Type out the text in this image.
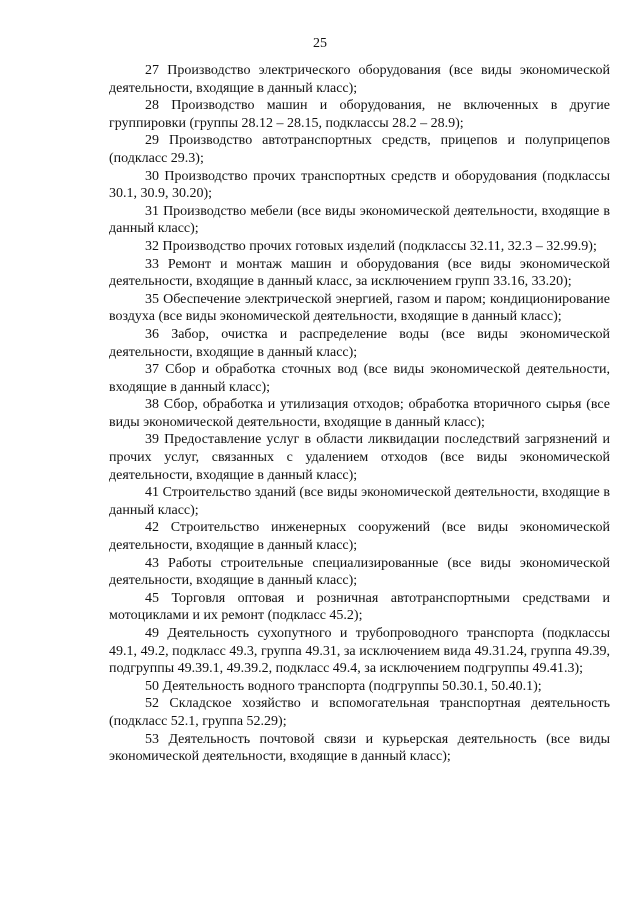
25

27 Производство электрического оборудования (все виды экономической деятельности, входящие в данный класс);

28 Производство машин и оборудования, не включенных в другие группировки (группы 28.12 – 28.15, подклассы 28.2 – 28.9);

29 Производство автотранспортных средств, прицепов и полуприцепов (подкласс 29.3);

30 Производство прочих транспортных средств и оборудования (подклассы 30.1, 30.9, 30.20);

31 Производство мебели (все виды экономической деятельности, входящие в данный класс);

32 Производство прочих готовых изделий (подклассы 32.11, 32.3 – 32.99.9);

33 Ремонт и монтаж машин и оборудования (все виды экономической деятельности, входящие в данный класс, за исключением групп 33.16, 33.20);

35 Обеспечение электрической энергией, газом и паром; кондиционирование воздуха (все виды экономической деятельности, входящие в данный класс);

36 Забор, очистка и распределение воды (все виды экономической деятельности, входящие в данный класс);

37 Сбор и обработка сточных вод (все виды экономической деятельности, входящие в данный класс);

38 Сбор, обработка и утилизация отходов; обработка вторичного сырья (все виды экономической деятельности, входящие в данный класс);

39 Предоставление услуг в области ликвидации последствий загрязнений и прочих услуг, связанных с удалением отходов (все виды экономической деятельности, входящие в данный класс);

41 Строительство зданий (все виды экономической деятельности, входящие в данный класс);

42 Строительство инженерных сооружений (все виды экономической деятельности, входящие в данный класс);

43 Работы строительные специализированные (все виды экономической деятельности, входящие в данный класс);

45 Торговля оптовая и розничная автотранспортными средствами и мотоциклами и их ремонт (подкласс 45.2);

49 Деятельность сухопутного и трубопроводного транспорта (подклассы 49.1, 49.2, подкласс 49.3, группа 49.31, за исключением вида 49.31.24, группа 49.39, подгруппы 49.39.1, 49.39.2, подкласс 49.4, за исключением подгруппы 49.41.3);

50 Деятельность водного транспорта (подгруппы 50.30.1, 50.40.1);

52 Складское хозяйство и вспомогательная транспортная деятельность (подкласс 52.1, группа 52.29);

53 Деятельность почтовой связи и курьерская деятельность (все виды экономической деятельности, входящие в данный класс);
